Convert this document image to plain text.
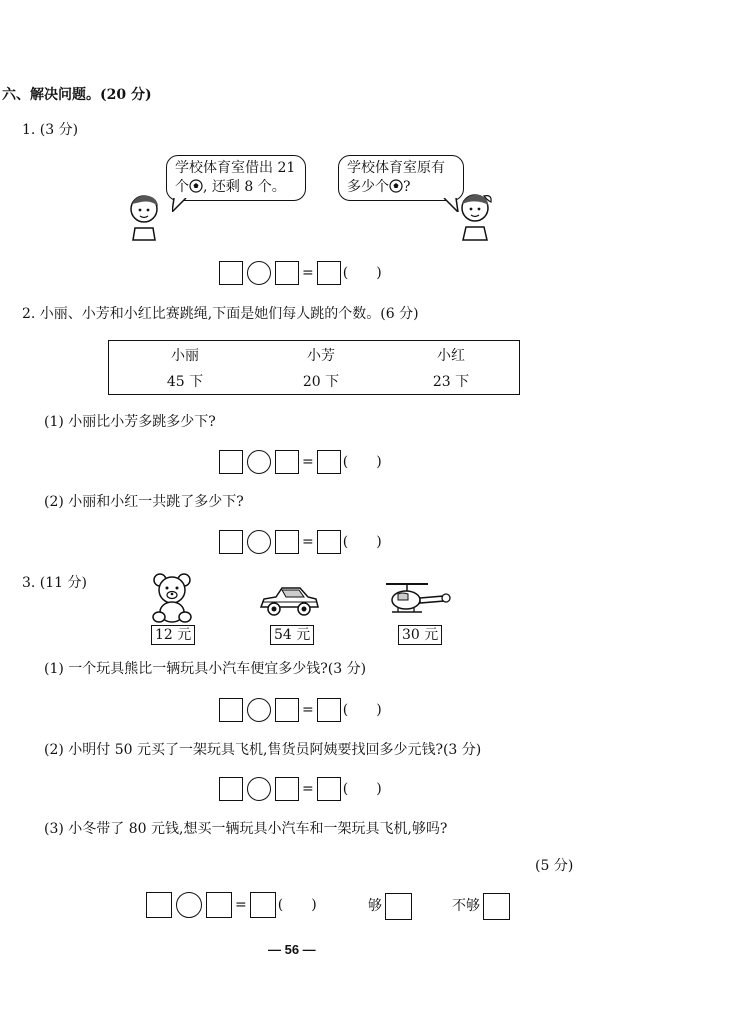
六、解决问题。(20 分)
1. (3 分)
学校体育室借出 21
个 , 还剩 8 个。
学校体育室原有
多少个 ?
= (　　)
2. 小丽、小芳和小红比赛跳绳,下面是她们每人跳的个数。(6 分)
小丽	小芳	小红
45 下	20 下	23 下
(1) 小丽比小芳多跳多少下?
= (　　)
(2) 小丽和小红一共跳了多少下?
= (　　)
3. (11 分)
12 元	54 元	30 元
(1) 一个玩具熊比一辆玩具小汽车便宜多少钱?(3 分)
= (　　)
(2) 小明付 50 元买了一架玩具飞机,售货员阿姨要找回多少元钱?(3 分)
= (　　)
(3) 小冬带了 80 元钱,想买一辆玩具小汽车和一架玩具飞机,够吗?
(5 分)
= (　　)	够	不够
— 56 —
